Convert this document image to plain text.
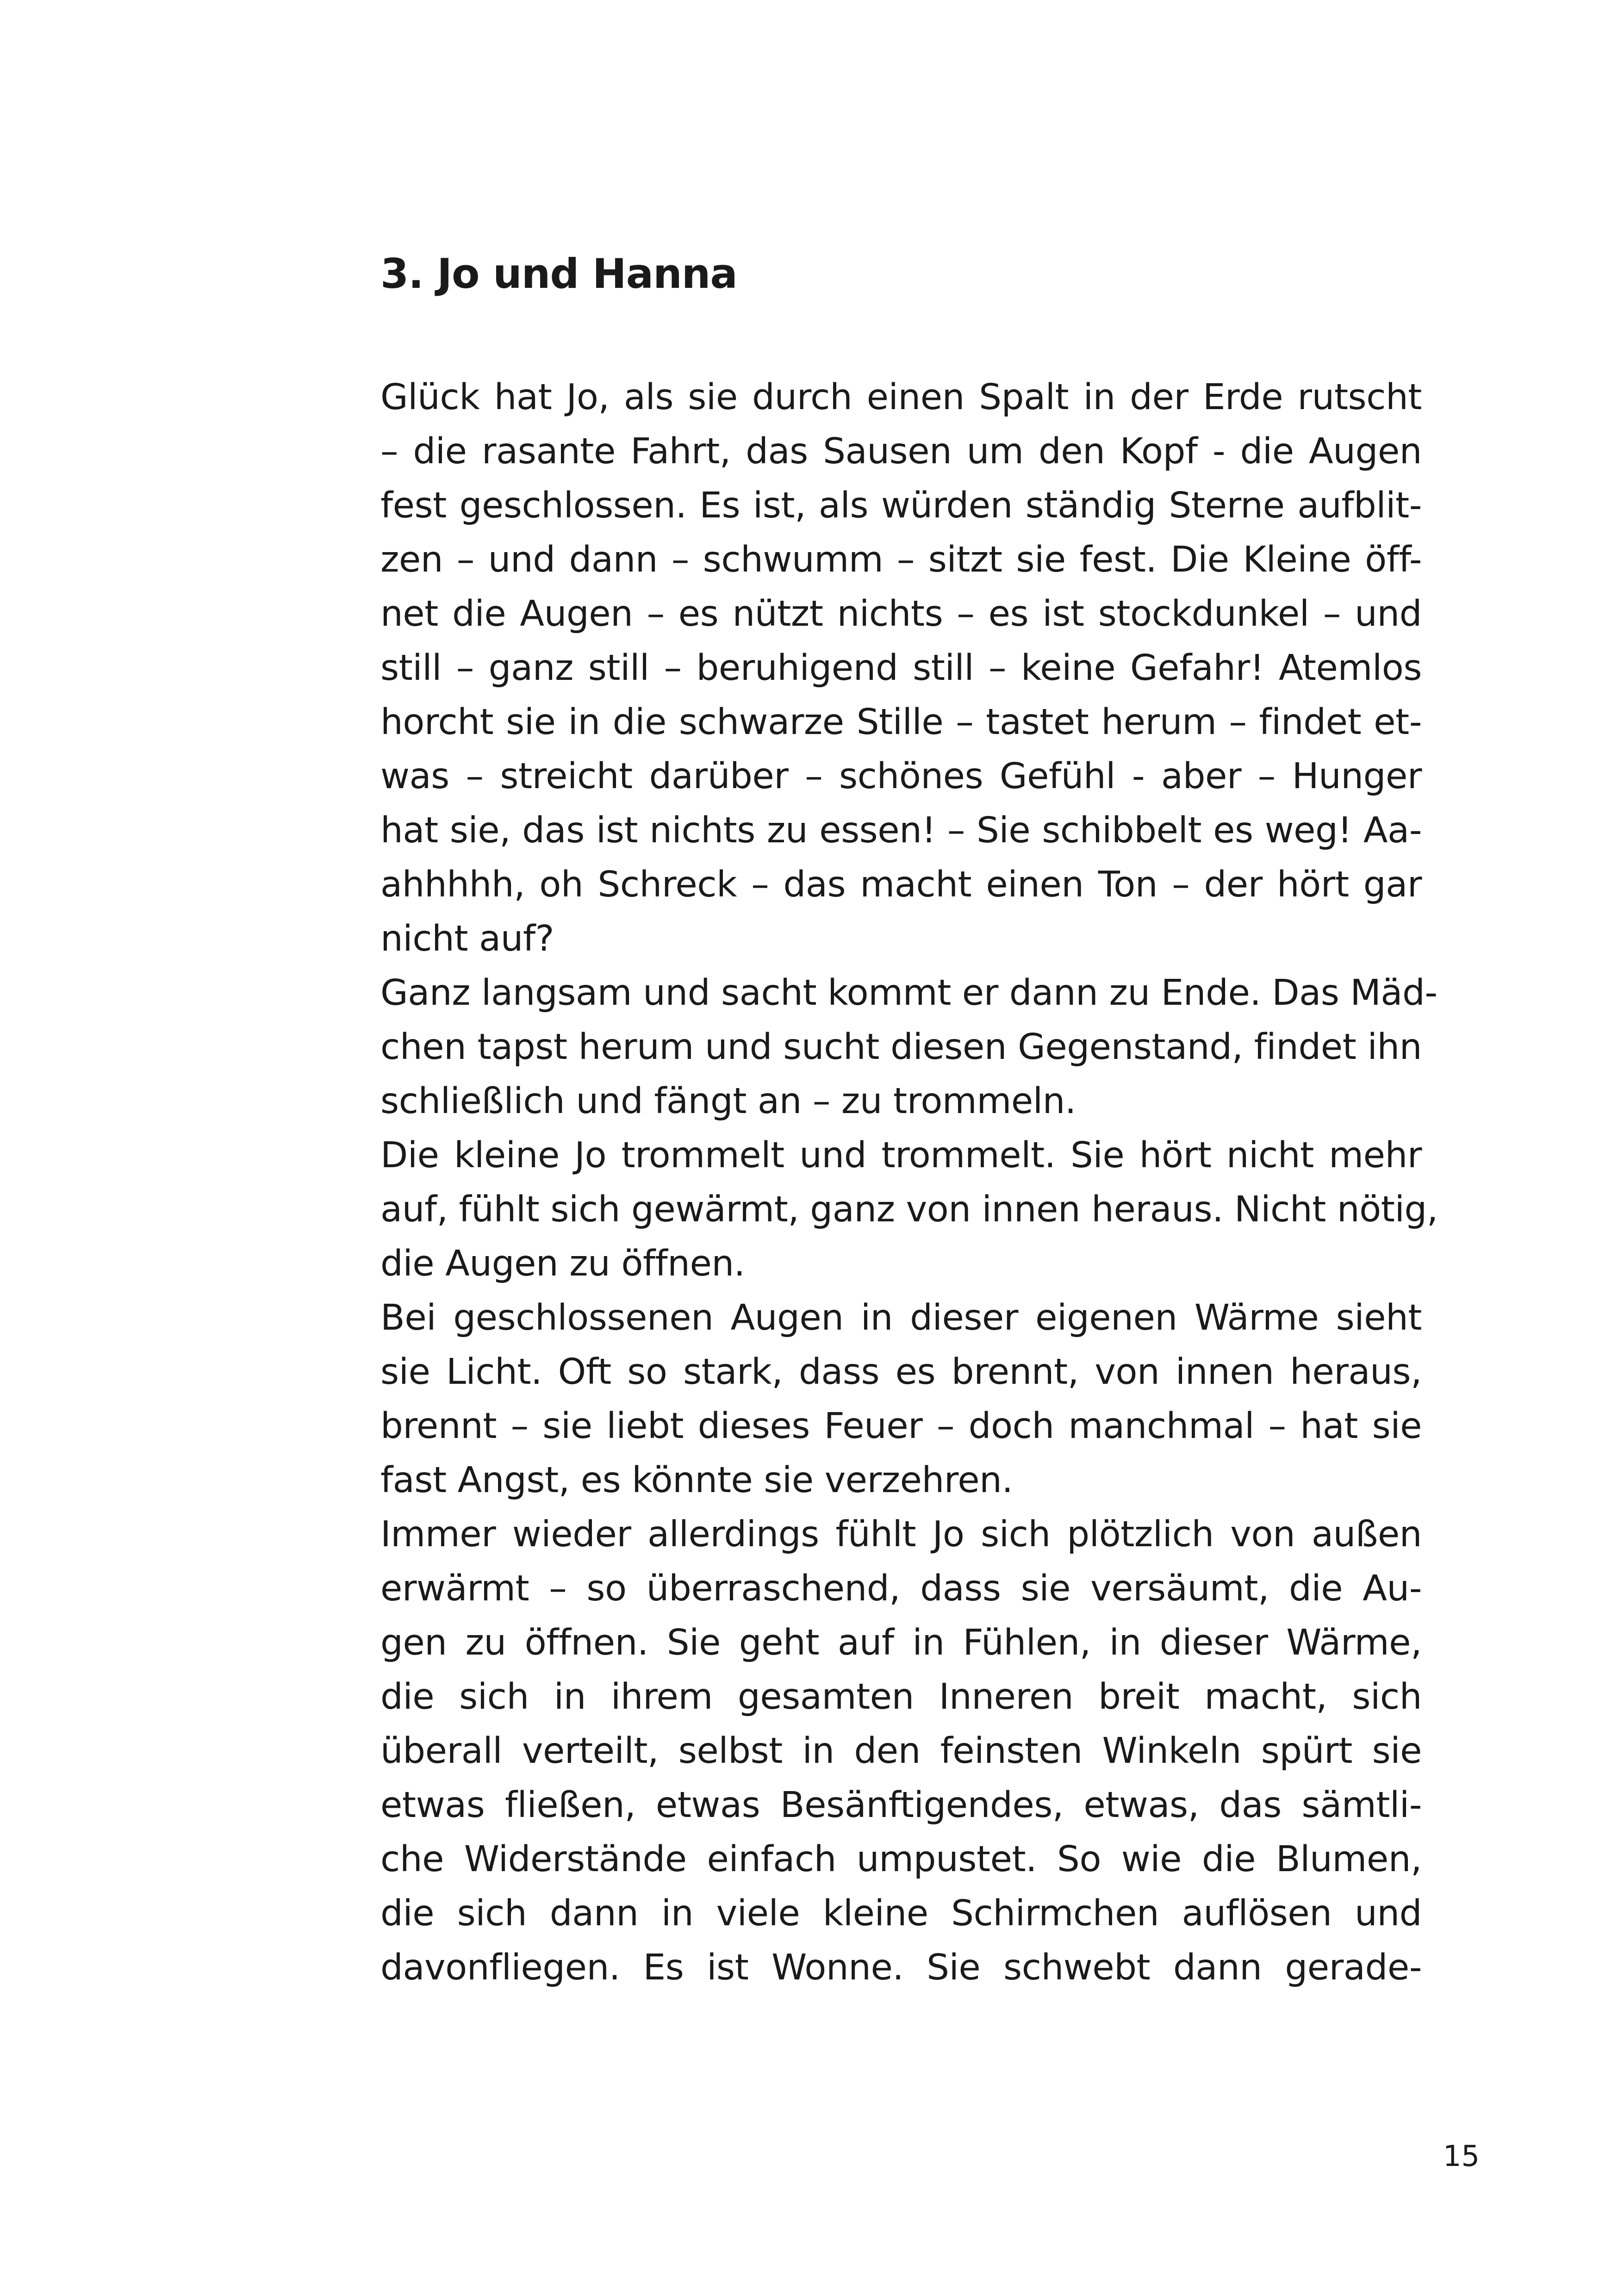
3. Jo und Hanna
Glück hat Jo, als sie durch einen Spalt in der Erde rutscht
– die rasante Fahrt, das Sausen um den Kopf - die Augen
fest geschlossen. Es ist, als würden ständig Sterne aufblit-
zen – und dann – schwumm – sitzt sie fest. Die Kleine öff-
net die Augen – es nützt nichts – es ist stockdunkel – und
still – ganz still – beruhigend still – keine Gefahr! Atemlos
horcht sie in die schwarze Stille – tastet herum – findet et-
was – streicht darüber – schönes Gefühl - aber – Hunger
hat sie, das ist nichts zu essen! – Sie schibbelt es weg! Aa-
ahhhhh, oh Schreck – das macht einen Ton – der hört gar
nicht auf?
Ganz langsam und sacht kommt er dann zu Ende. Das Mäd-
chen tapst herum und sucht diesen Gegenstand, findet ihn
schließlich und fängt an – zu trommeln.
Die kleine Jo trommelt und trommelt. Sie hört nicht mehr
auf, fühlt sich gewärmt, ganz von innen heraus. Nicht nötig,
die Augen zu öffnen.
Bei geschlossenen Augen in dieser eigenen Wärme sieht
sie Licht. Oft so stark, dass es brennt, von innen heraus,
brennt – sie liebt dieses Feuer – doch manchmal – hat sie
fast Angst, es könnte sie verzehren.
Immer wieder allerdings fühlt Jo sich plötzlich von außen
erwärmt – so überraschend, dass sie versäumt, die Au-
gen zu öffnen. Sie geht auf in Fühlen, in dieser Wärme,
die sich in ihrem gesamten Inneren breit macht, sich
überall verteilt, selbst in den feinsten Winkeln spürt sie
etwas fließen, etwas Besänftigendes, etwas, das sämtli-
che Widerstände einfach umpustet. So wie die Blumen,
die sich dann in viele kleine Schirmchen auflösen und
davonfliegen. Es ist Wonne. Sie schwebt dann gerade-

15
